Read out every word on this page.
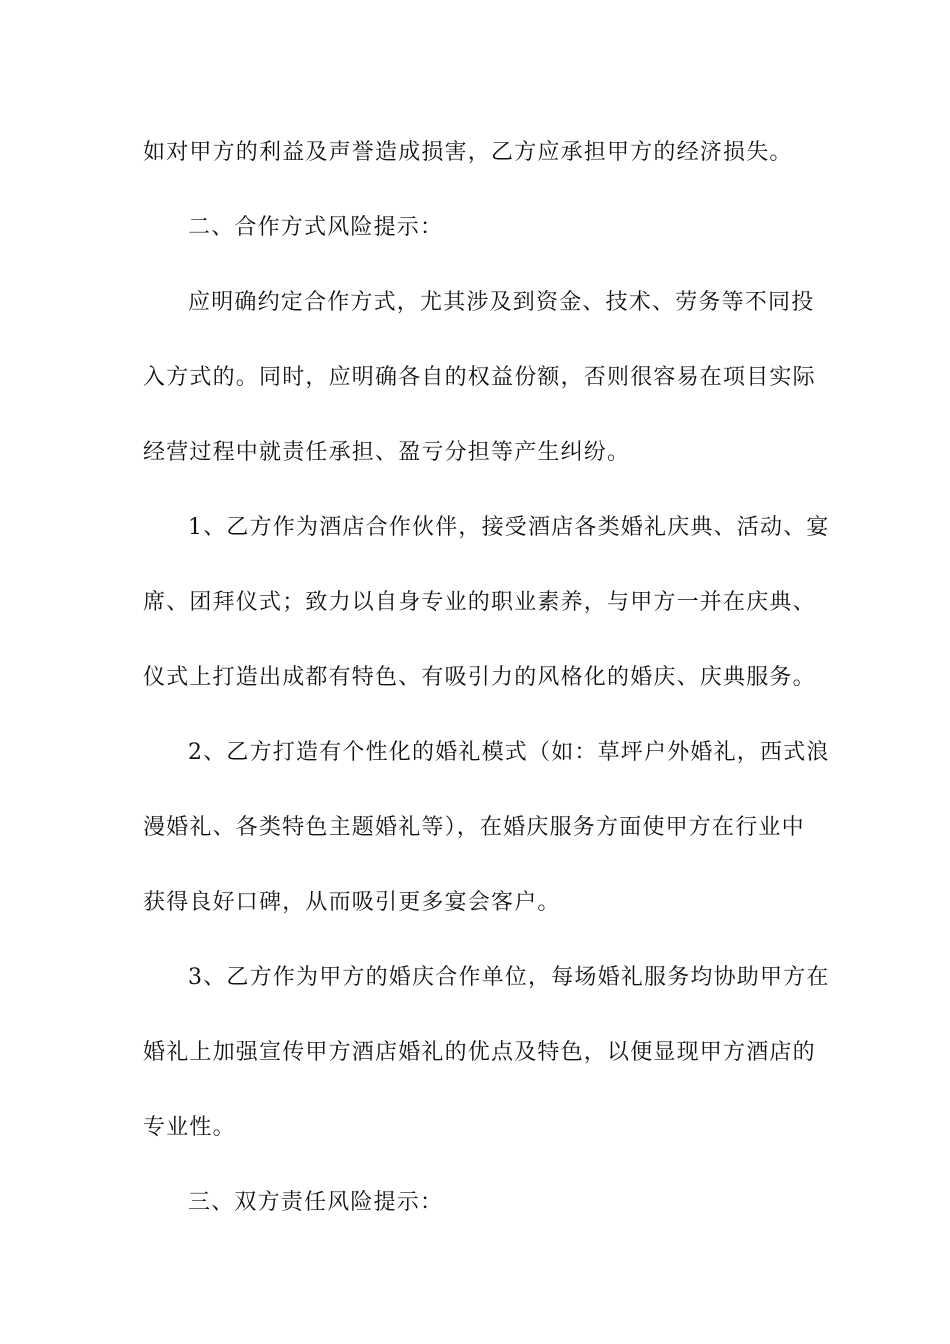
如对甲方的利益及声誉造成损害，乙方应承担甲方的经济损失。
二、合作方式风险提示：
应明确约定合作方式，尤其涉及到资金、技术、劳务等不同投
入方式的。同时，应明确各自的权益份额，否则很容易在项目实际
经营过程中就责任承担、盈亏分担等产生纠纷。
1、乙方作为酒店合作伙伴，接受酒店各类婚礼庆典、活动、宴
席、团拜仪式；致力以自身专业的职业素养，与甲方一并在庆典、
仪式上打造出成都有特色、有吸引力的风格化的婚庆、庆典服务。
2、乙方打造有个性化的婚礼模式（如：草坪户外婚礼，西式浪
漫婚礼、各类特色主题婚礼等），在婚庆服务方面使甲方在行业中
获得良好口碑，从而吸引更多宴会客户。
3、乙方作为甲方的婚庆合作单位，每场婚礼服务均协助甲方在
婚礼上加强宣传甲方酒店婚礼的优点及特色，以便显现甲方酒店的
专业性。
三、双方责任风险提示：
